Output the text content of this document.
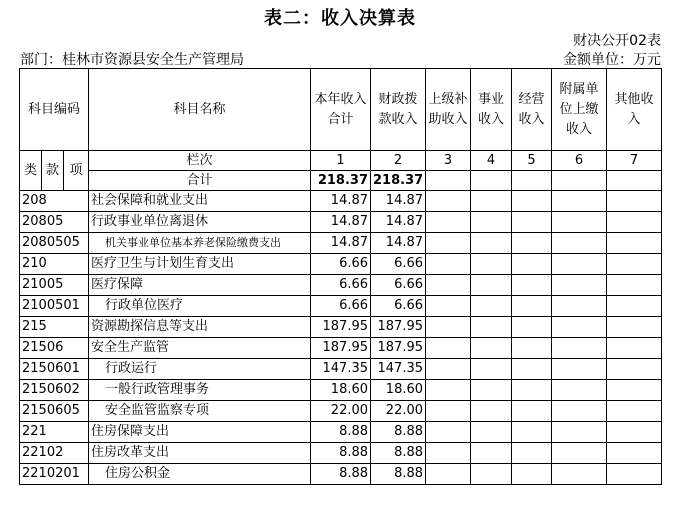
表二：收入决算表
财决公开02表
部门：桂林市资源县安全生产管理局	金额单位：万元
科目编码			科目名称	本年收入合计	财政拨款收入	上级补助收入	事业收入	经营收入	附属单位上缴收入	其他收入
类	款	项	栏次	1	2	3	4	5	6	7
			合计	218.37	218.37					
208			社会保障和就业支出	14.87	14.87					
20805			行政事业单位离退休	14.87	14.87					
2080505			机关事业单位基本养老保险缴费支出	14.87	14.87					
210			医疗卫生与计划生育支出	6.66	6.66					
21005			医疗保障	6.66	6.66					
2100501			行政单位医疗	6.66	6.66					
215			资源勘探信息等支出	187.95	187.95					
21506			安全生产监管	187.95	187.95					
2150601			行政运行	147.35	147.35					
2150602			一般行政管理事务	18.60	18.60					
2150605			安全监管监察专项	22.00	22.00					
221			住房保障支出	8.88	8.88					
22102			住房改革支出	8.88	8.88					
2210201			住房公积金	8.88	8.88					
